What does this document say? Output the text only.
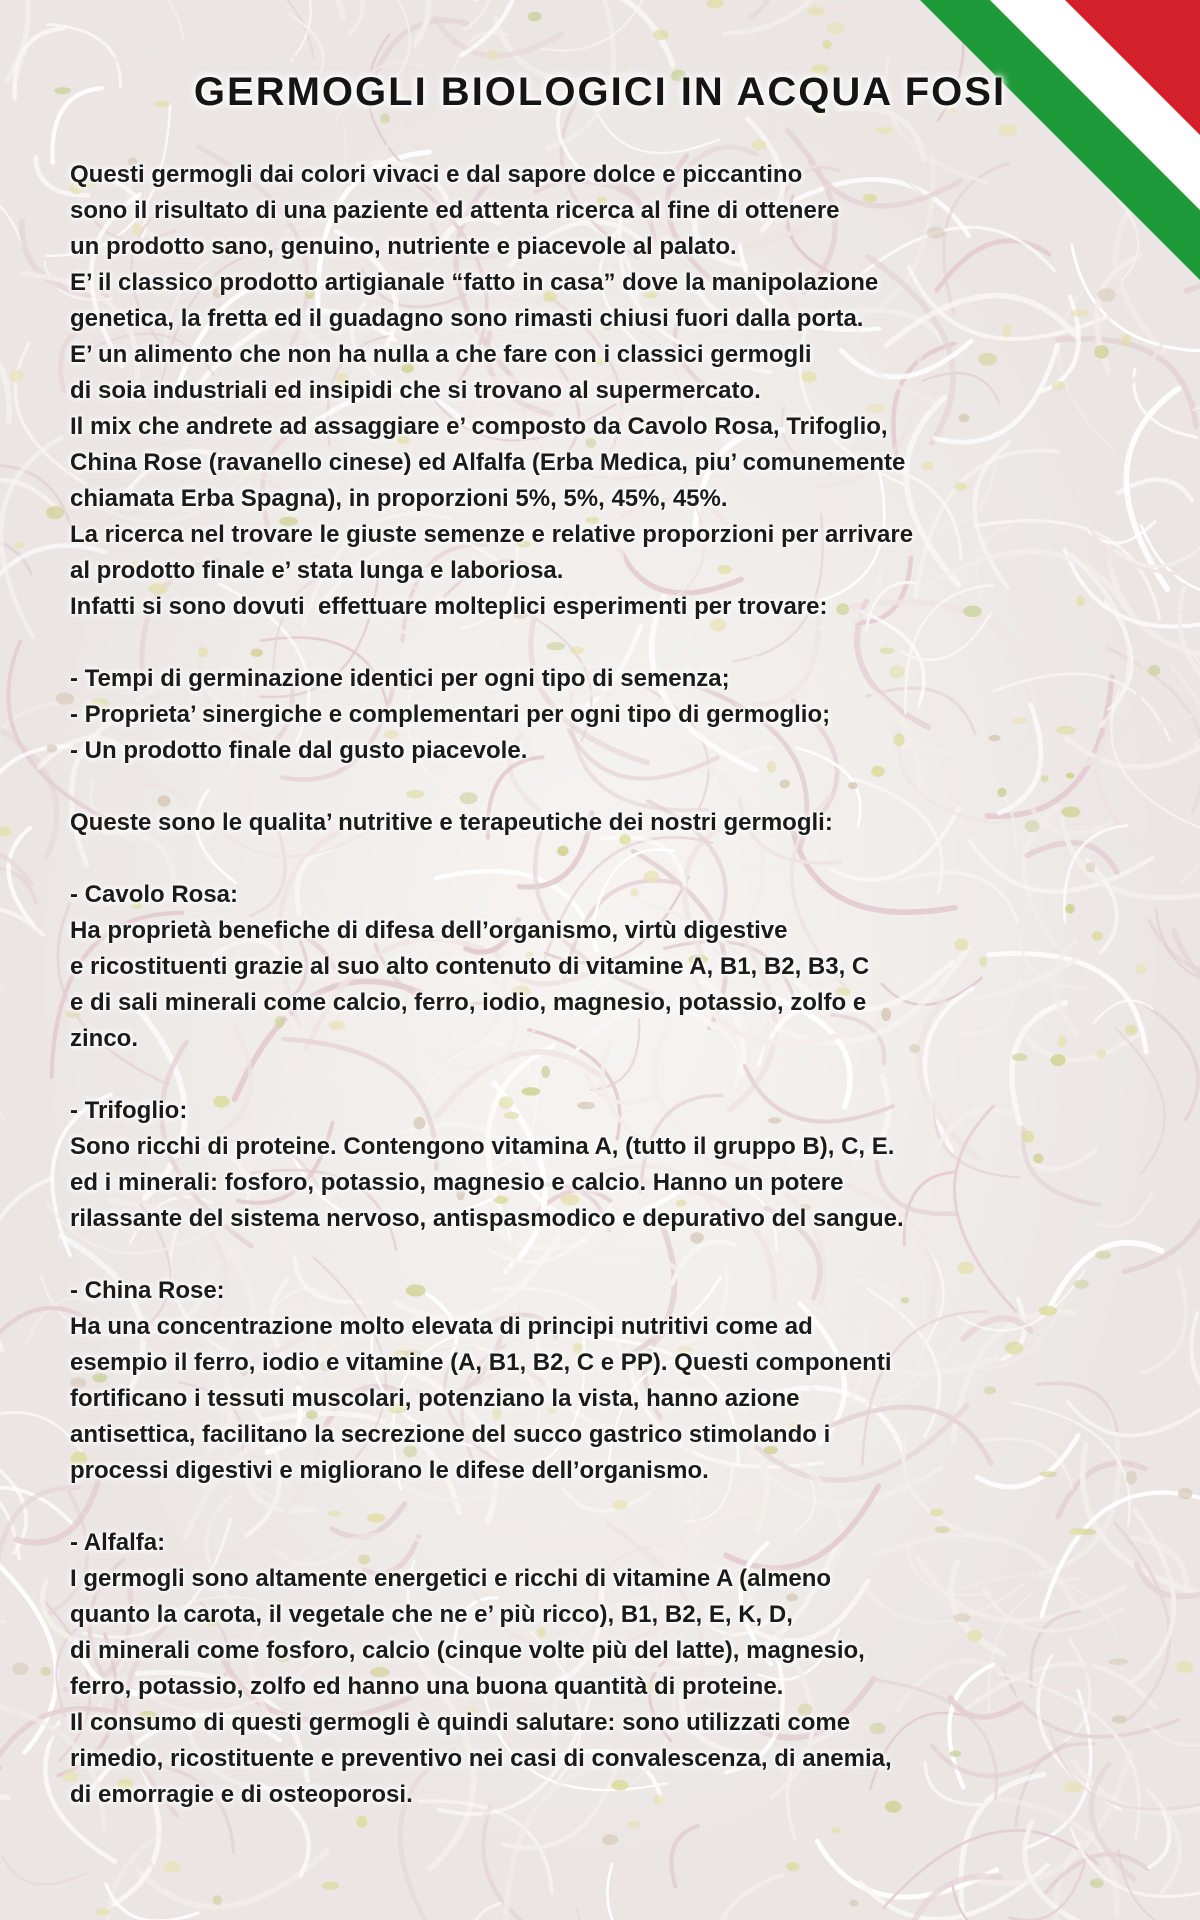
GERMOGLI BIOLOGICI IN ACQUA FOSI
Questi germogli dai colori vivaci e dal sapore dolce e piccantino
sono il risultato di una paziente ed attenta ricerca al fine di ottenere
un prodotto sano, genuino, nutriente e piacevole al palato.
E’ il classico prodotto artigianale “fatto in casa” dove la manipolazione
genetica, la fretta ed il guadagno sono rimasti chiusi fuori dalla porta.
E’ un alimento che non ha nulla a che fare con i classici germogli
di soia industriali ed insipidi che si trovano al supermercato.
Il mix che andrete ad assaggiare e’ composto da Cavolo Rosa, Trifoglio,
China Rose (ravanello cinese) ed Alfalfa (Erba Medica, piu’ comunemente
chiamata Erba Spagna), in proporzioni 5%, 5%, 45%, 45%.
La ricerca nel trovare le giuste semenze e relative proporzioni per arrivare
al prodotto finale e’ stata lunga e laboriosa.
Infatti si sono dovuti  effettuare molteplici esperimenti per trovare:
- Tempi di germinazione identici per ogni tipo di semenza;
- Proprieta’ sinergiche e complementari per ogni tipo di germoglio;
- Un prodotto finale dal gusto piacevole.
Queste sono le qualita’ nutritive e terapeutiche dei nostri germogli:
- Cavolo Rosa:
Ha proprietà benefiche di difesa dell’organismo, virtù digestive
e ricostituenti grazie al suo alto contenuto di vitamine A, B1, B2, B3, C
e di sali minerali come calcio, ferro, iodio, magnesio, potassio, zolfo e
zinco.
- Trifoglio:
Sono ricchi di proteine. Contengono vitamina A, (tutto il gruppo B), C, E.
ed i minerali: fosforo, potassio, magnesio e calcio. Hanno un potere
rilassante del sistema nervoso, antispasmodico e depurativo del sangue.
- China Rose:
Ha una concentrazione molto elevata di principi nutritivi come ad
esempio il ferro, iodio e vitamine (A, B1, B2, C e PP). Questi componenti
fortificano i tessuti muscolari, potenziano la vista, hanno azione
antisettica, facilitano la secrezione del succo gastrico stimolando i
processi digestivi e migliorano le difese dell’organismo.
- Alfalfa:
I germogli sono altamente energetici e ricchi di vitamine A (almeno
quanto la carota, il vegetale che ne e’ più ricco), B1, B2, E, K, D,
di minerali come fosforo, calcio (cinque volte più del latte), magnesio,
ferro, potassio, zolfo ed hanno una buona quantità di proteine.
Il consumo di questi germogli è quindi salutare: sono utilizzati come
rimedio, ricostituente e preventivo nei casi di convalescenza, di anemia,
di emorragie e di osteoporosi.
